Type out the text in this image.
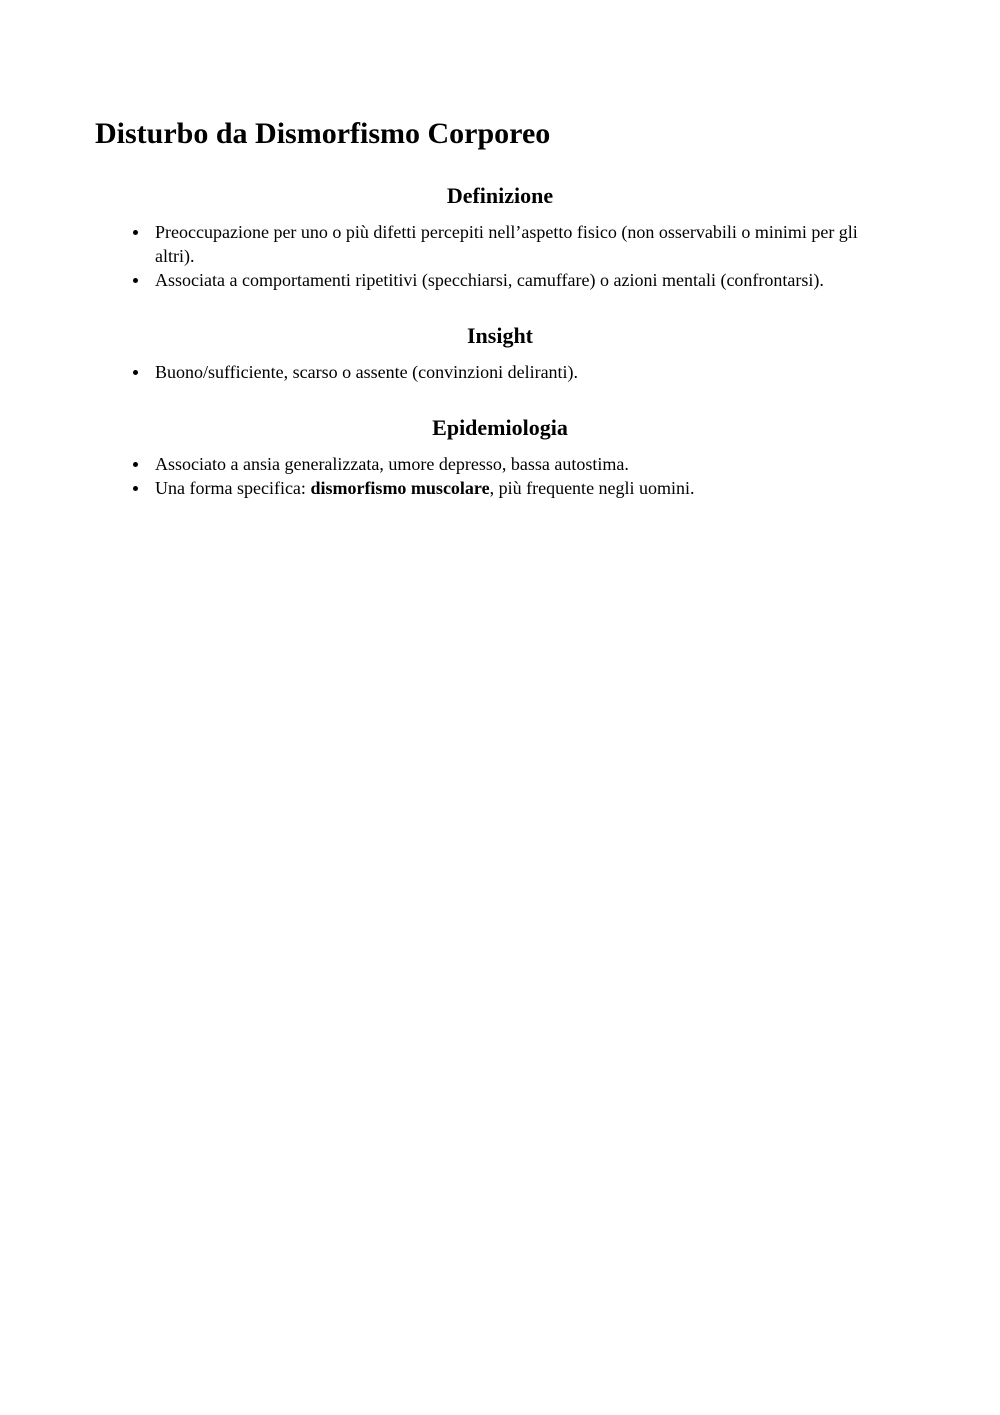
Disturbo da Dismorfismo Corporeo
Definizione
Preoccupazione per uno o più difetti percepiti nell’aspetto fisico (non osservabili o minimi per gli altri).
Associata a comportamenti ripetitivi (specchiarsi, camuffare) o azioni mentali (confrontarsi).
Insight
Buono/sufficiente, scarso o assente (convinzioni deliranti).
Epidemiologia
Associato a ansia generalizzata, umore depresso, bassa autostima.
Una forma specifica: dismorfismo muscolare, più frequente negli uomini.
